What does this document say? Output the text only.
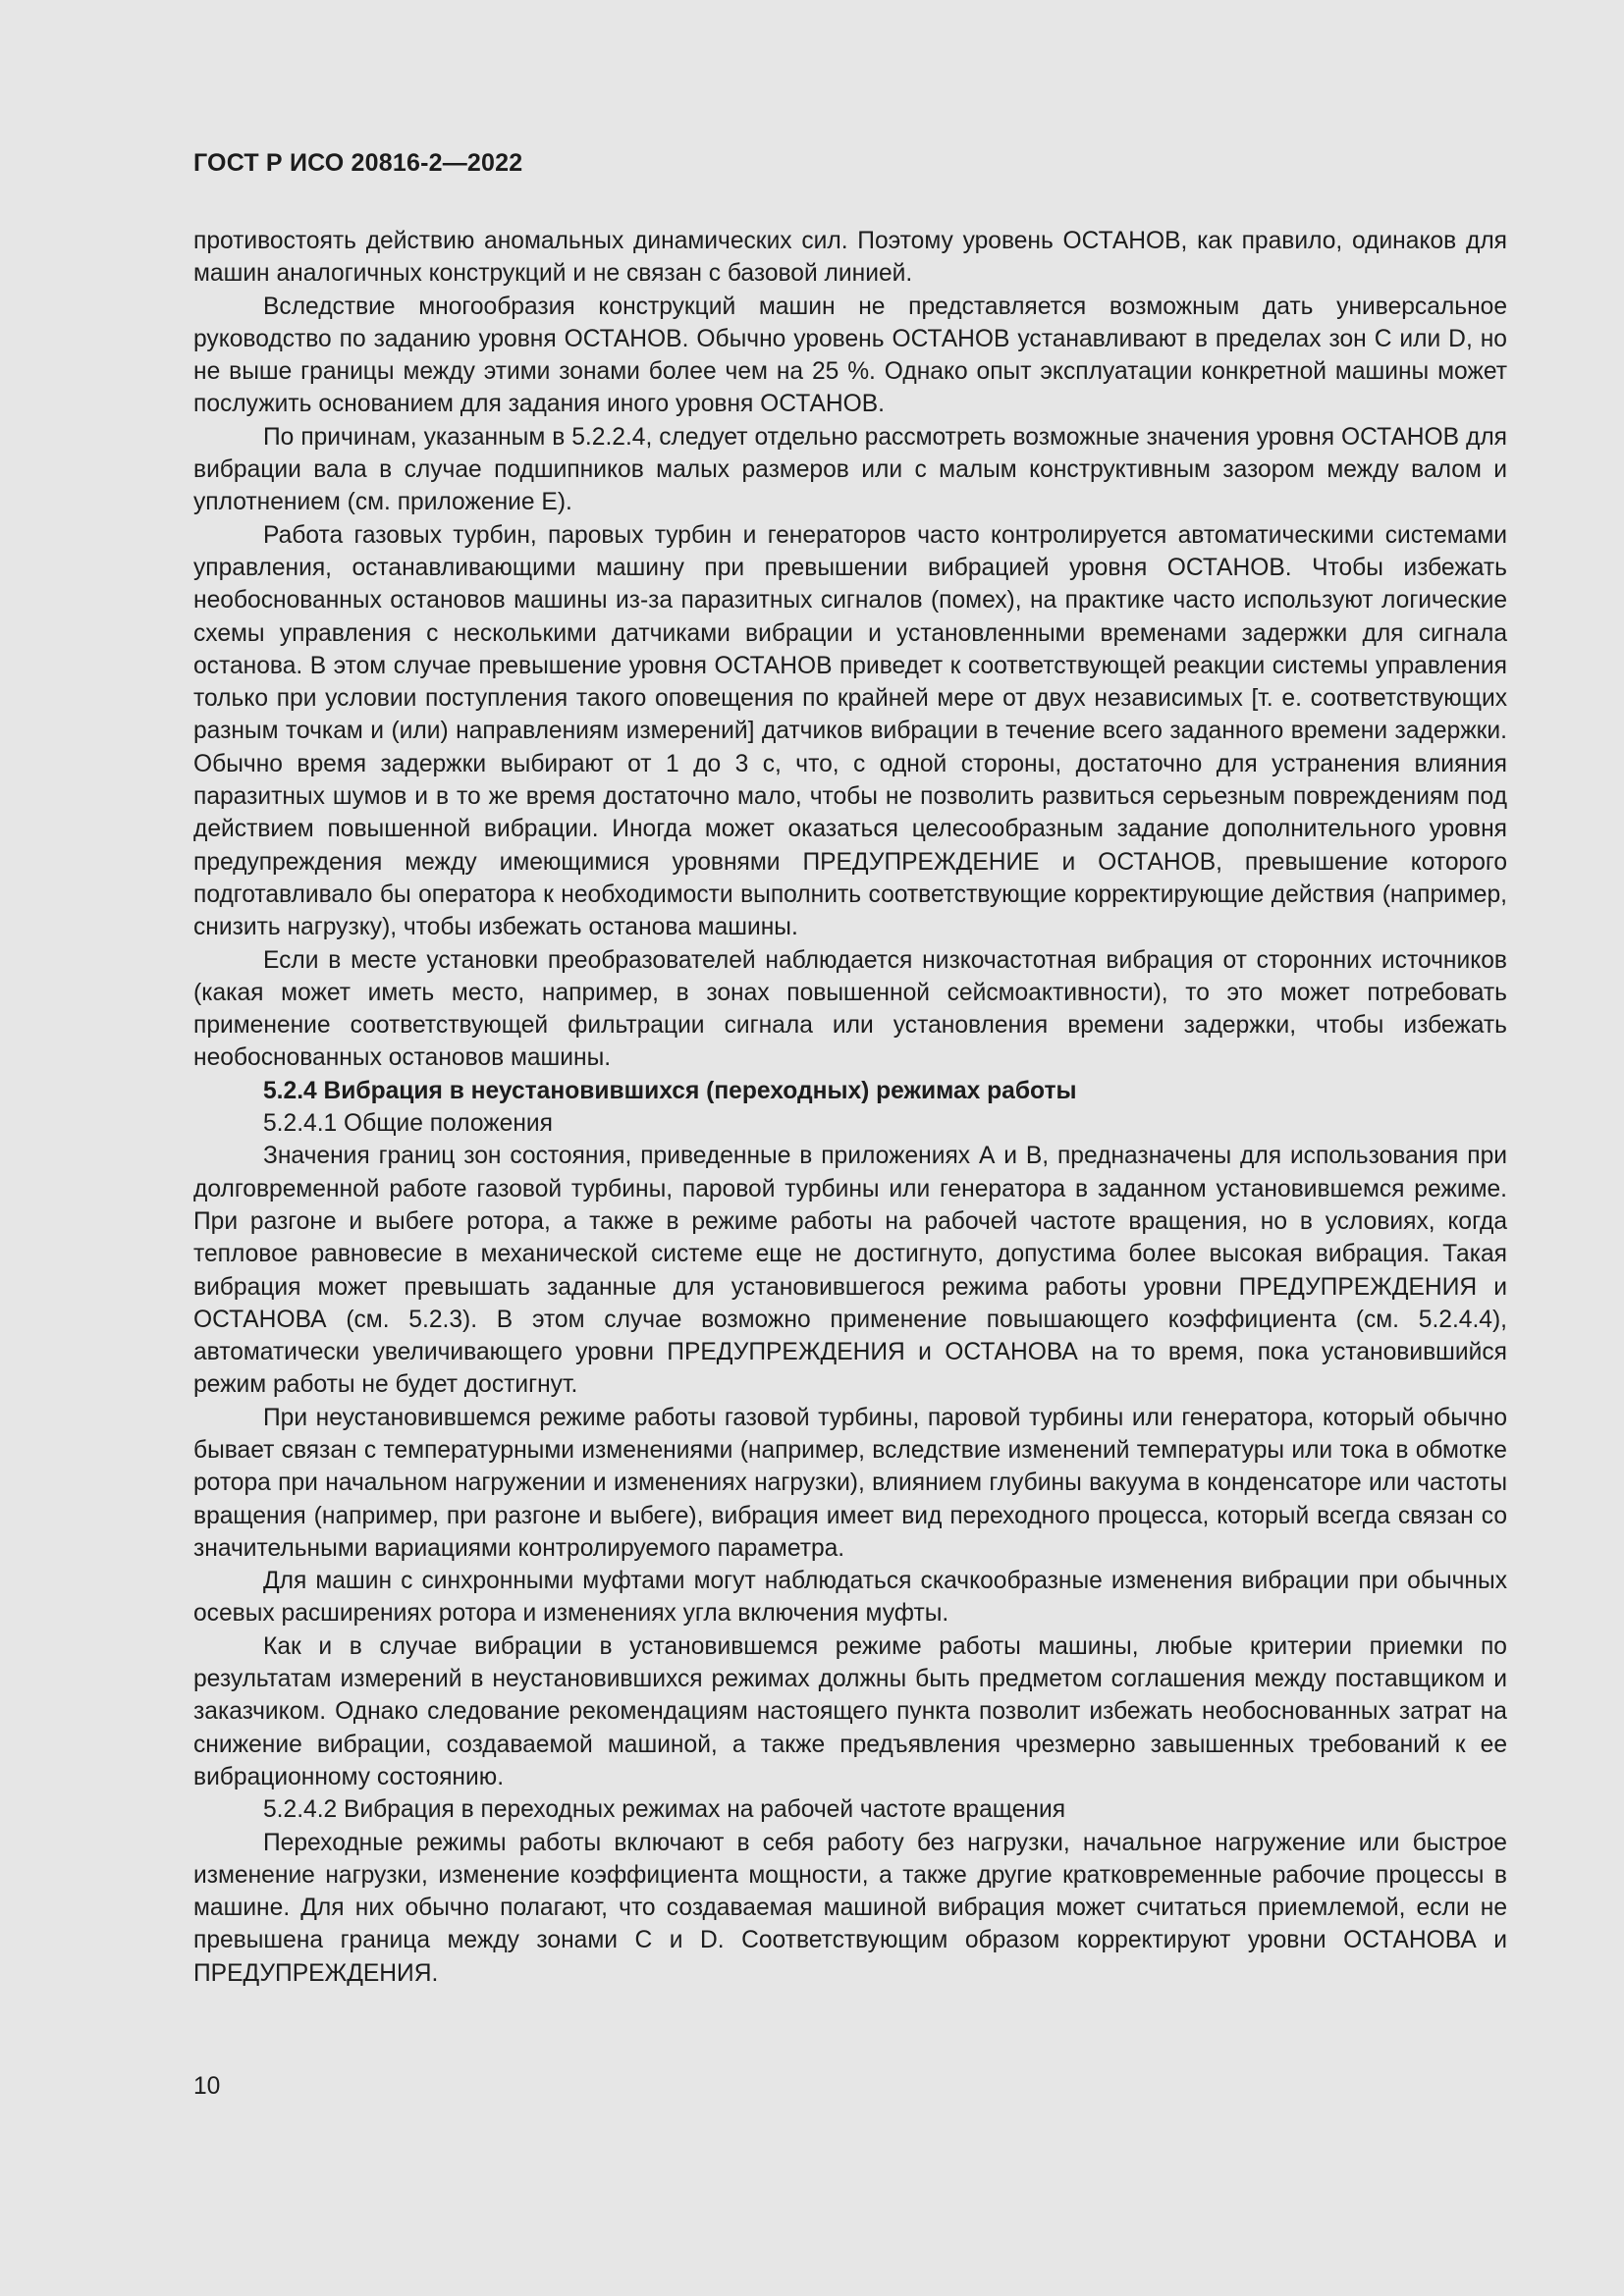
ГОСТ Р ИСО 20816-2—2022

противостоять действию аномальных динамических сил. Поэтому уровень ОСТАНОВ, как правило, одинаков для машин аналогичных конструкций и не связан с базовой линией.

Вследствие многообразия конструкций машин не представляется возможным дать универсальное руководство по заданию уровня ОСТАНОВ. Обычно уровень ОСТАНОВ устанавливают в пределах зон С или D, но не выше границы между этими зонами более чем на 25 %. Однако опыт эксплуатации конкретной машины может послужить основанием для задания иного уровня ОСТАНОВ.

По причинам, указанным в 5.2.2.4, следует отдельно рассмотреть возможные значения уровня ОСТАНОВ для вибрации вала в случае подшипников малых размеров или с малым конструктивным зазором между валом и уплотнением (см. приложение Е).

Работа газовых турбин, паровых турбин и генераторов часто контролируется автоматическими системами управления, останавливающими машину при превышении вибрацией уровня ОСТАНОВ. Чтобы избежать необоснованных остановов машины из-за паразитных сигналов (помех), на практике часто используют логические схемы управления с несколькими датчиками вибрации и установленными временами задержки для сигнала останова. В этом случае превышение уровня ОСТАНОВ приведет к соответствующей реакции системы управления только при условии поступления такого оповещения по крайней мере от двух независимых [т. е. соответствующих разным точкам и (или) направлениям измерений] датчиков вибрации в течение всего заданного времени задержки. Обычно время задержки выбирают от 1 до 3 с, что, с одной стороны, достаточно для устранения влияния паразитных шумов и в то же время достаточно мало, чтобы не позволить развиться серьезным повреждениям под действием повышенной вибрации. Иногда может оказаться целесообразным задание дополнительного уровня предупреждения между имеющимися уровнями ПРЕДУПРЕЖДЕНИЕ и ОСТАНОВ, превышение которого подготавливало бы оператора к необходимости выполнить соответствующие корректирующие действия (например, снизить нагрузку), чтобы избежать останова машины.

Если в месте установки преобразователей наблюдается низкочастотная вибрация от сторонних источников (какая может иметь место, например, в зонах повышенной сейсмоактивности), то это может потребовать применение соответствующей фильтрации сигнала или установления времени задержки, чтобы избежать необоснованных остановов машины.

5.2.4 Вибрация в неустановившихся (переходных) режимах работы

5.2.4.1 Общие положения

Значения границ зон состояния, приведенные в приложениях А и В, предназначены для использования при долговременной работе газовой турбины, паровой турбины или генератора в заданном установившемся режиме. При разгоне и выбеге ротора, а также в режиме работы на рабочей частоте вращения, но в условиях, когда тепловое равновесие в механической системе еще не достигнуто, допустима более высокая вибрация. Такая вибрация может превышать заданные для установившегося режима работы уровни ПРЕДУПРЕЖДЕНИЯ и ОСТАНОВА (см. 5.2.3). В этом случае возможно применение повышающего коэффициента (см. 5.2.4.4), автоматически увеличивающего уровни ПРЕДУПРЕЖДЕНИЯ и ОСТАНОВА на то время, пока установившийся режим работы не будет достигнут.

При неустановившемся режиме работы газовой турбины, паровой турбины или генератора, который обычно бывает связан с температурными изменениями (например, вследствие изменений температуры или тока в обмотке ротора при начальном нагружении и изменениях нагрузки), влиянием глубины вакуума в конденсаторе или частоты вращения (например, при разгоне и выбеге), вибрация имеет вид переходного процесса, который всегда связан со значительными вариациями контролируемого параметра.

Для машин с синхронными муфтами могут наблюдаться скачкообразные изменения вибрации при обычных осевых расширениях ротора и изменениях угла включения муфты.

Как и в случае вибрации в установившемся режиме работы машины, любые критерии приемки по результатам измерений в неустановившихся режимах должны быть предметом соглашения между поставщиком и заказчиком. Однако следование рекомендациям настоящего пункта позволит избежать необоснованных затрат на снижение вибрации, создаваемой машиной, а также предъявления чрезмерно завышенных требований к ее вибрационному состоянию.

5.2.4.2 Вибрация в переходных режимах на рабочей частоте вращения

Переходные режимы работы включают в себя работу без нагрузки, начальное нагружение или быстрое изменение нагрузки, изменение коэффициента мощности, а также другие кратковременные рабочие процессы в машине. Для них обычно полагают, что создаваемая машиной вибрация может считаться приемлемой, если не превышена граница между зонами С и D. Соответствующим образом корректируют уровни ОСТАНОВА и ПРЕДУПРЕЖДЕНИЯ.

10
